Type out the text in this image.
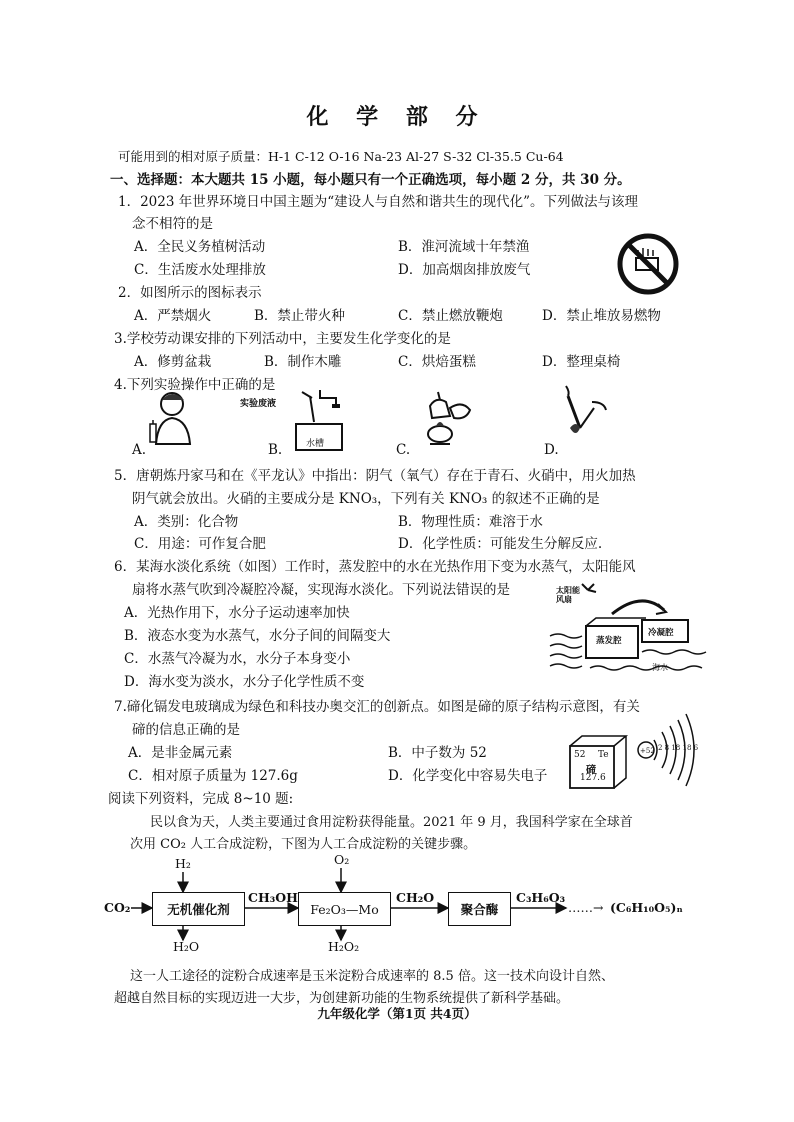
化 学 部 分
可能用到的相对原子质量：H-1 C-12 O-16 Na-23 Al-27 S-32 Cl-35.5 Cu-64
一、选择题：本大题共 15 小题，每小题只有一个正确选项，每小题 2 分，共 30 分。
1．2023 年世界环境日中国主题为“建设人与自然和谐共生的现代化”。下列做法与该理
念不相符的是
A．全民义务植树活动	B．淮河流域十年禁渔
C．生活废水处理排放	D．加高烟囱排放废气
2．如图所示的图标表示
A．严禁烟火	B．禁止带火种	C．禁止燃放鞭炮	D．禁止堆放易燃物
3.学校劳动课安排的下列活动中，主要发生化学变化的是
A．修剪盆栽	B．制作木雕	C．烘焙蛋糕	D．整理桌椅
4.下列实验操作中正确的是
A.
实验废液
水槽
B.	C.	D.
5．唐朝炼丹家马和在《平龙认》中指出：阴气（氧气）存在于青石、火硝中，用火加热
阴气就会放出。火硝的主要成分是 KNO₃，下列有关 KNO₃ 的叙述不正确的是
A．类别：化合物	B．物理性质：难溶于水
C．用途：可作复合肥	D．化学性质：可能发生分解反应.
6．某海水淡化系统（如图）工作时，蒸发腔中的水在光热作用下变为水蒸气，太阳能风
扇将水蒸气吹到冷凝腔冷凝，实现海水淡化。下列说法错误的是
A．光热作用下，水分子运动速率加快
B．液态水变为水蒸气，水分子间的间隔变大
C．水蒸气冷凝为水，水分子本身变小
D．海水变为淡水，水分子化学性质不变
太阳能风扇
蒸发腔
冷凝腔
海水
7.碲化镉发电玻璃成为绿色和科技办奥交汇的创新点。如图是碲的原子结构示意图，有关
碲的信息正确的是
A．是非金属元素	B．中子数为 52
C．相对原子质量为 127.6g	D．化学变化中容易失电子
52 Te
碲
127.6
+52 2 8 18 18 6
阅读下列资料，完成 8~10 题:
民以食为天，人类主要通过食用淀粉获得能量。2021 年 9 月，我国科学家在全球首
次用 CO₂ 人工合成淀粉，下图为人工合成淀粉的关键步骤。
CO₂
H₂
无机催化剂
H₂O
CH₃OH
O₂
Fe₂O₃—Mo
H₂O₂
CH₂O
聚合酶
C₃H₆O₃
……→ (C₆H₁₀O₅)ₙ
这一人工途径的淀粉合成速率是玉米淀粉合成速率的 8.5 倍。这一技术向设计自然、
超越自然目标的实现迈进一大步，为创建新功能的生物系统提供了新科学基础。
九年级化学（第1页 共4页）
